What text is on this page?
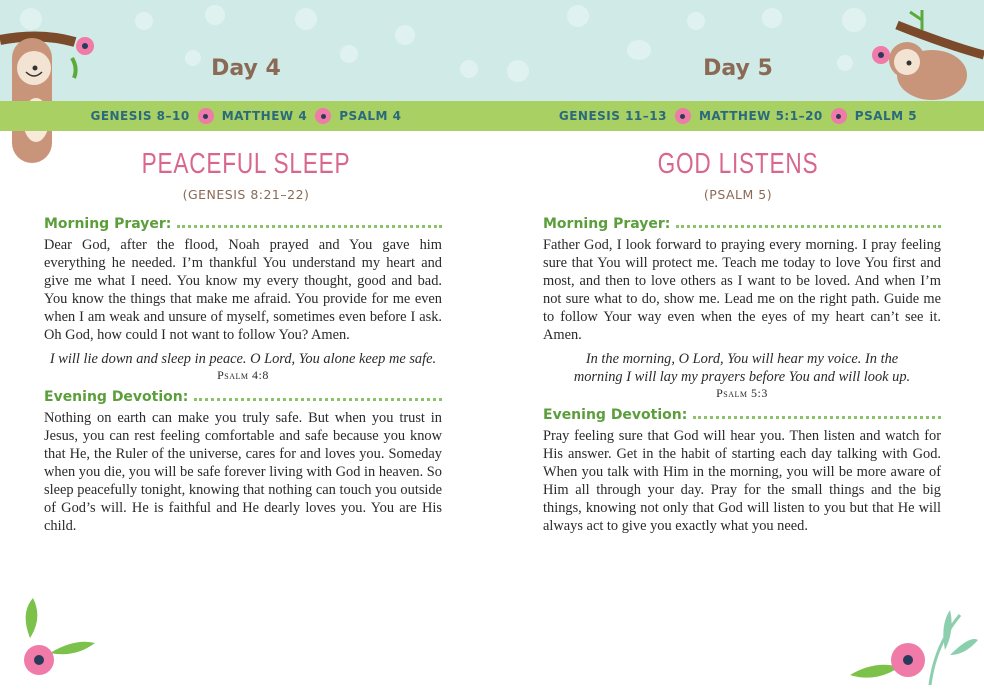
Day 4
GENESIS 8–10	MATTHEW 4	PSALM 4
PEACEFUL SLEEP
(GENESIS 8:21–22)
Morning Prayer:

Dear God, after the flood, Noah prayed and You gave him everything he needed. I’m thankful You understand my heart and give me what I need. You know my every thought, good and bad. You know the things that make me afraid. You provide for me even when I am weak and unsure of myself, sometimes even before I ask. Oh God, how could I not want to follow You? Amen.

I will lie down and sleep in peace. O Lord, You alone keep me safe.

Psalm 4:8

Evening Devotion:

Nothing on earth can make you truly safe. But when you trust in Jesus, you can rest feeling comfortable and safe because you know that He, the Ruler of the universe, cares for and loves you. Someday when you die, you will be safe forever living with God in heaven. So sleep peacefully tonight, knowing that nothing can touch you outside of God’s will. He is faithful and He dearly loves you. You are His child.

Day 5
GENESIS 11–13	MATTHEW 5:1–20	PSALM 5
GOD LISTENS
(PSALM 5)
Morning Prayer:

Father God, I look forward to praying every morning. I pray feeling sure that You will protect me. Teach me today to love You first and most, and then to love others as I want to be loved. And when I’m not sure what to do, show me. Lead me on the right path. Guide me to follow Your way even when the eyes of my heart can’t see it. Amen.

In the morning, O Lord, You will hear my voice. In the morning I will lay my prayers before You and will look up.

Psalm 5:3

Evening Devotion:

Pray feeling sure that God will hear you. Then listen and watch for His answer. Get in the habit of starting each day talking with God. When you talk with Him in the morning, you will be more aware of Him all through your day. Pray for the small things and the big things, knowing not only that God will listen to you but that He will always act to give you exactly what you need.
